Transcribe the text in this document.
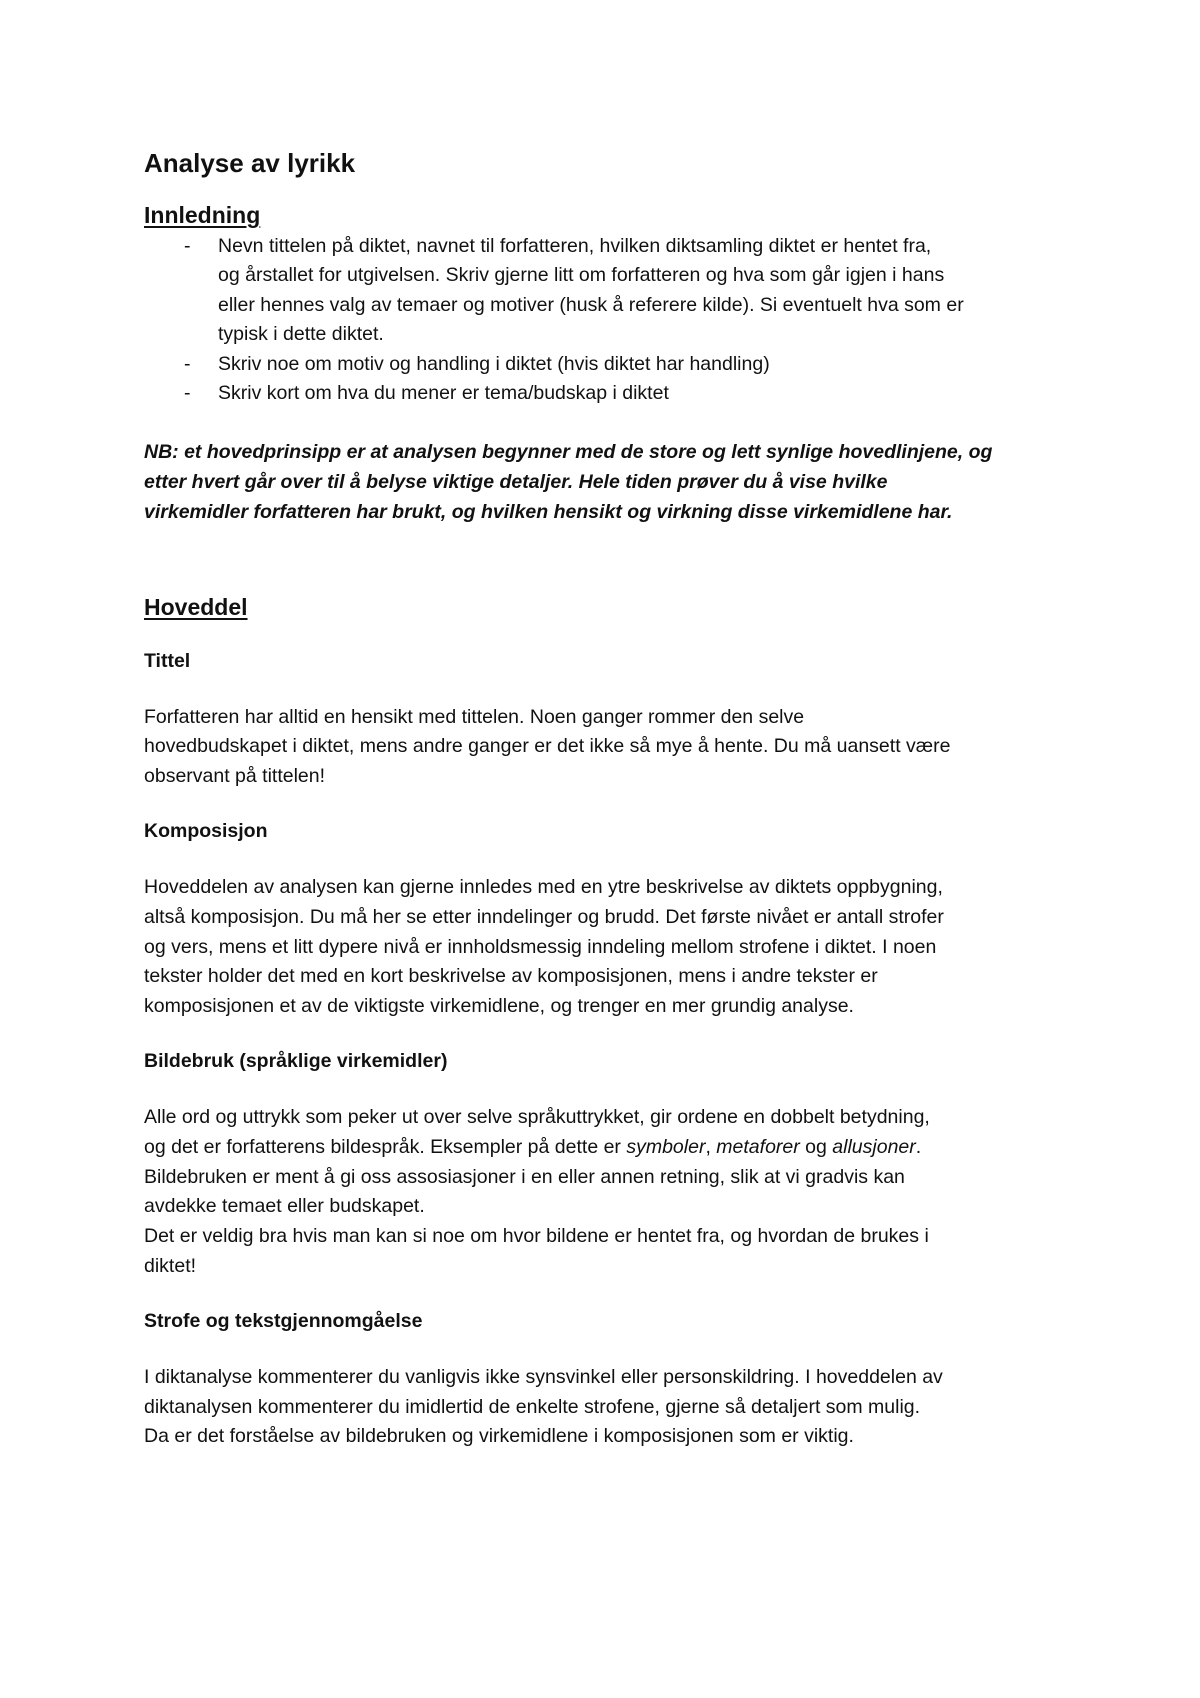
Analyse av lyrikk
Innledning
- Nevn tittelen på diktet, navnet til forfatteren, hvilken diktsamling diktet er hentet fra,
og årstallet for utgivelsen. Skriv gjerne litt om forfatteren og hva som går igjen i hans
eller hennes valg av temaer og motiver (husk å referere kilde). Si eventuelt hva som er
typisk i dette diktet.
- Skriv noe om motiv og handling i diktet (hvis diktet har handling)
- Skriv kort om hva du mener er tema/budskap i diktet

NB: et hovedprinsipp er at analysen begynner med de store og lett synlige hovedlinjene, og
etter hvert går over til å belyse viktige detaljer. Hele tiden prøver du å vise hvilke
virkemidler forfatteren har brukt, og hvilken hensikt og virkning disse virkemidlene har.

Hoveddel
Tittel

Forfatteren har alltid en hensikt med tittelen. Noen ganger rommer den selve
hovedbudskapet i diktet, mens andre ganger er det ikke så mye å hente. Du må uansett være
observant på tittelen!

Komposisjon

Hoveddelen av analysen kan gjerne innledes med en ytre beskrivelse av diktets oppbygning,
altså komposisjon. Du må her se etter inndelinger og brudd. Det første nivået er antall strofer
og vers, mens et litt dypere nivå er innholdsmessig inndeling mellom strofene i diktet. I noen
tekster holder det med en kort beskrivelse av komposisjonen, mens i andre tekster er
komposisjonen et av de viktigste virkemidlene, og trenger en mer grundig analyse.

Bildebruk (språklige virkemidler)

Alle ord og uttrykk som peker ut over selve språkuttrykket, gir ordene en dobbelt betydning,
og det er forfatterens bildespråk. Eksempler på dette er symboler, metaforer og allusjoner.
Bildebruken er ment å gi oss assosiasjoner i en eller annen retning, slik at vi gradvis kan
avdekke temaet eller budskapet.
Det er veldig bra hvis man kan si noe om hvor bildene er hentet fra, og hvordan de brukes i
diktet!

Strofe og tekstgjennomgåelse

I diktanalyse kommenterer du vanligvis ikke synsvinkel eller personskildring. I hoveddelen av
diktanalysen kommenterer du imidlertid de enkelte strofene, gjerne så detaljert som mulig.
Da er det forståelse av bildebruken og virkemidlene i komposisjonen som er viktig.
